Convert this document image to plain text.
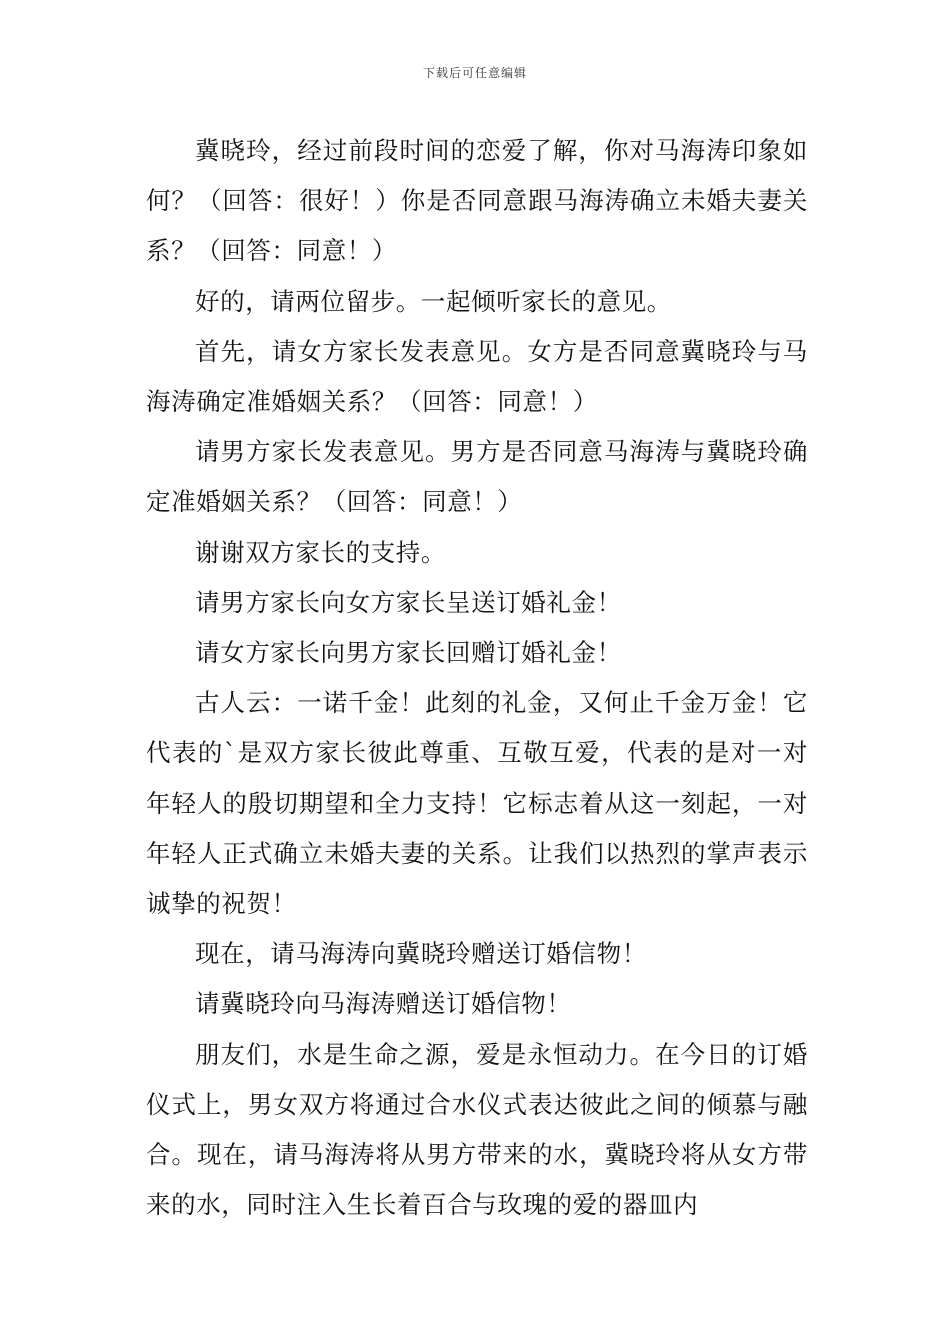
下载后可任意编辑

冀晓玲，经过前段时间的恋爱了解，你对马海涛印象如何？（回答：很好！）你是否同意跟马海涛确立未婚夫妻关系？（回答：同意！）

好的，请两位留步。一起倾听家长的意见。

首先，请女方家长发表意见。女方是否同意冀晓玲与马海涛确定准婚姻关系？（回答：同意！）

请男方家长发表意见。男方是否同意马海涛与冀晓玲确定准婚姻关系？（回答：同意！）

谢谢双方家长的支持。

请男方家长向女方家长呈送订婚礼金！

请女方家长向男方家长回赠订婚礼金！

古人云：一诺千金！此刻的礼金，又何止千金万金！它代表的`是双方家长彼此尊重、互敬互爱，代表的是对一对年轻人的殷切期望和全力支持！它标志着从这一刻起，一对年轻人正式确立未婚夫妻的关系。让我们以热烈的掌声表示诚挚的祝贺！

现在，请马海涛向冀晓玲赠送订婚信物！

请冀晓玲向马海涛赠送订婚信物！

朋友们，水是生命之源，爱是永恒动力。在今日的订婚仪式上，男女双方将通过合水仪式表达彼此之间的倾慕与融合。现在，请马海涛将从男方带来的水，冀晓玲将从女方带来的水，同时注入生长着百合与玫瑰的爱的器皿内
